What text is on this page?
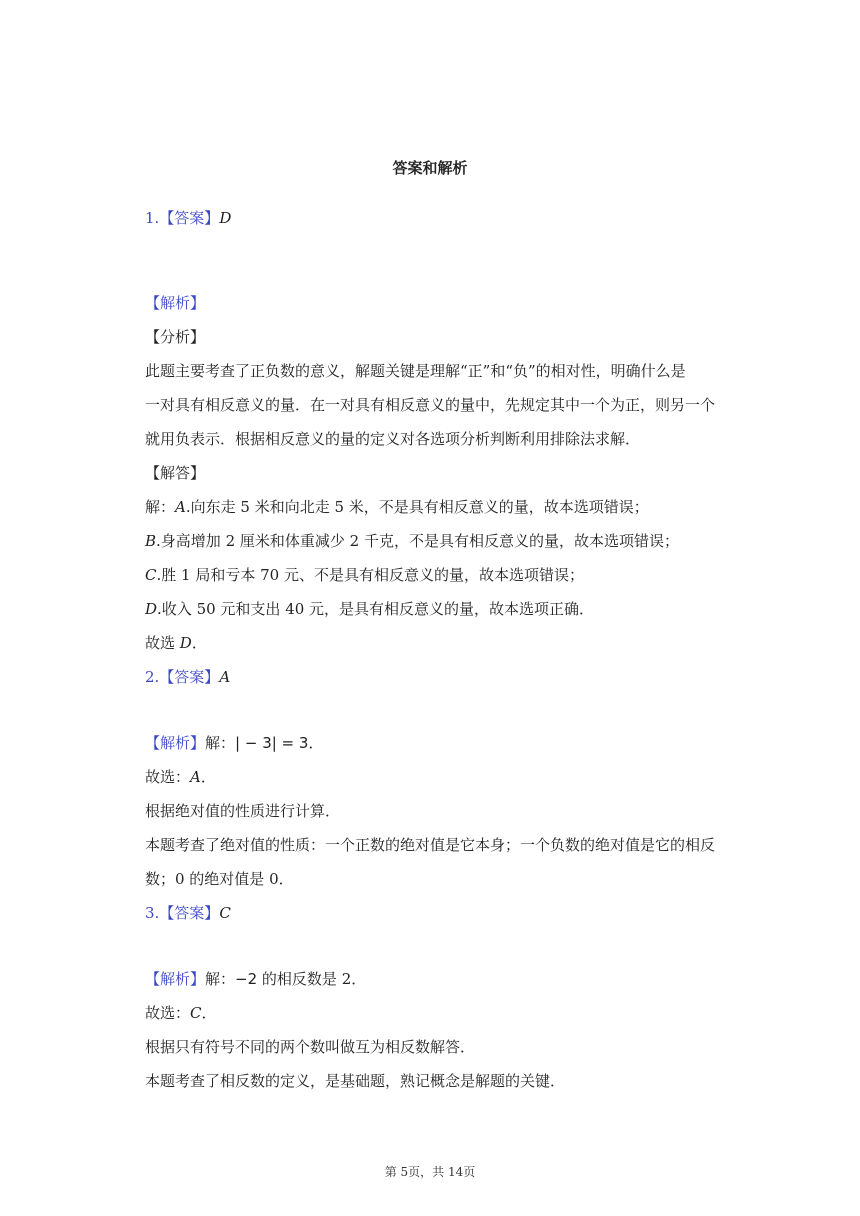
答案和解析
1.【答案】D
【解析】
【分析】
此题主要考查了正负数的意义，解题关键是理解“正”和“负”的相对性，明确什么是
一对具有相反意义的量．在一对具有相反意义的量中，先规定其中一个为正，则另一个
就用负表示．根据相反意义的量的定义对各选项分析判断利用排除法求解．
【解答】
解：A.向东走 5 米和向北走 5 米，不是具有相反意义的量，故本选项错误；
B.身高增加 2 厘米和体重减少 2 千克，不是具有相反意义的量，故本选项错误；
C.胜 1 局和亏本 70 元、不是具有相反意义的量，故本选项错误；
D.收入 50 元和支出 40 元，是具有相反意义的量，故本选项正确．
故选 D．
2.【答案】A
【解析】解：| − 3| = 3．
故选：A．
根据绝对值的性质进行计算．
本题考查了绝对值的性质：一个正数的绝对值是它本身；一个负数的绝对值是它的相反
数；0 的绝对值是 0．
3.【答案】C
【解析】解：−2 的相反数是 2．
故选：C．
根据只有符号不同的两个数叫做互为相反数解答．
本题考查了相反数的定义，是基础题，熟记概念是解题的关键．
第 5页，共 14页
